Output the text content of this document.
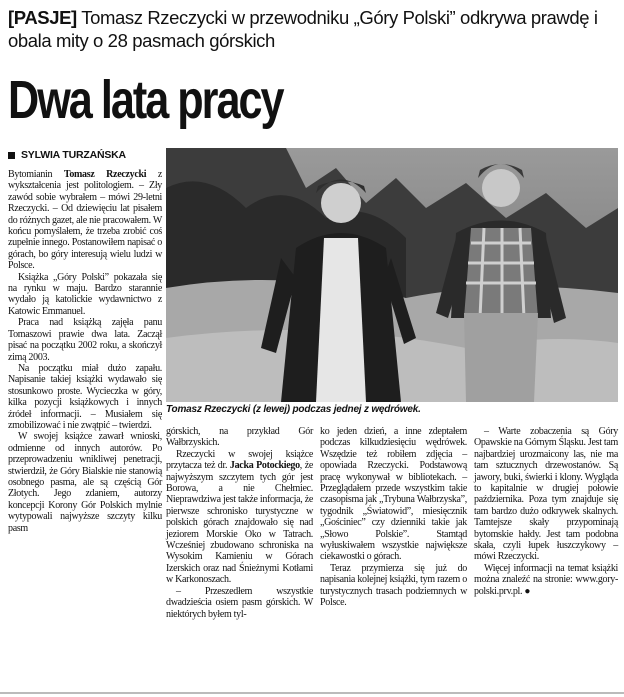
[PASJE] Tomasz Rzeczycki w przewodniku „Góry Polski” odkrywa prawdę i obala mity o 28 pasmach górskich
Dwa lata pracy
SYLWIA TURZAŃSKA
Tomasz Rzeczycki (z lewej) podczas jednej z wędrówek.

Bytomianin Tomasz Rzeczycki z wykształcenia jest politologiem. – Zły zawód sobie wybrałem – mówi 29-letni Rzeczycki. – Od dziewięciu lat pisałem do różnych gazet, ale nie pracowałem. W końcu pomyślałem, że trzeba zrobić coś zupełnie innego. Postanowiłem napisać o górach, bo góry interesują wielu ludzi w Polsce.

Książka „Góry Polski” pokazała się na rynku w maju. Bardzo starannie wydało ją katolickie wydawnictwo z Katowic Emmanuel.

Praca nad książką zajęła panu Tomaszowi prawie dwa lata. Zaczął pisać na początku 2002 roku, a skończył zimą 2003.

Na początku miał dużo zapału. Napisanie takiej książki wydawało się stosunkowo proste. Wycieczka w góry, kilka pozycji książkowych i innych źródeł informacji. – Musiałem się zmobilizować i nie zwątpić – twierdzi.

W swojej książce zawarł wnioski, odmienne od innych autorów. Po przeprowadzeniu wnikliwej penetracji, stwierdził, że Góry Bialskie nie stanowią osobnego pasma, ale są częścią Gór Złotych. Jego zdaniem, autorzy koncepcji Korony Gór Polskich mylnie wytypowali najwyższe szczyty kilku pasm

górskich, na przykład Gór Wałbrzyskich.

Rzeczycki w swojej książce przytacza też dr. Jacka Potockiego, że najwyższym szczytem tych gór jest Borowa, a nie Chełmiec. Nieprawdziwa jest także informacja, że pierwsze schronisko turystyczne w polskich górach znajdowało się nad jeziorem Morskie Oko w Tatrach. Wcześniej zbudowano schroniska na Wysokim Kamieniu w Górach Izerskich oraz nad Śnieżnymi Kotłami w Karkonoszach.

– Przeszedłem wszystkie dwadzieścia osiem pasm górskich. W niektórych byłem tyl-

ko jeden dzień, a inne zdeptałem podczas kilkudziesięciu wędrówek. Wszędzie też robiłem zdjęcia – opowiada Rzeczycki. Podstawową pracę wykonywał w bibliotekach. – Przeglądałem przede wszystkim takie czasopisma jak „Trybuna Wałbrzyska”, tygodnik „Światowid”, miesięcznik „Gościniec” czy dzienniki takie jak „Słowo Polskie”. Stamtąd wyłuskiwałem wszystkie największe ciekawostki o górach.

Teraz przymierza się już do napisania kolejnej książki, tym razem o turystycznych trasach podziemnych w Polsce.

– Warte zobaczenia są Góry Opawskie na Górnym Śląsku. Jest tam najbardziej urozmaicony las, nie ma tam sztucznych drzewostanów. Są jawory, buki, świerki i klony. Wygląda to kapitalnie w drugiej połowie października. Poza tym znajduje się tam bardzo dużo odkrywek skalnych. Tamtejsze skały przypominają bytomskie hałdy. Jest tam podobna skała, czyli łupek łuszczykowy – mówi Rzeczycki.

Więcej informacji na temat książki można znaleźć na stronie: www.gory-polski.prv.pl. ●
